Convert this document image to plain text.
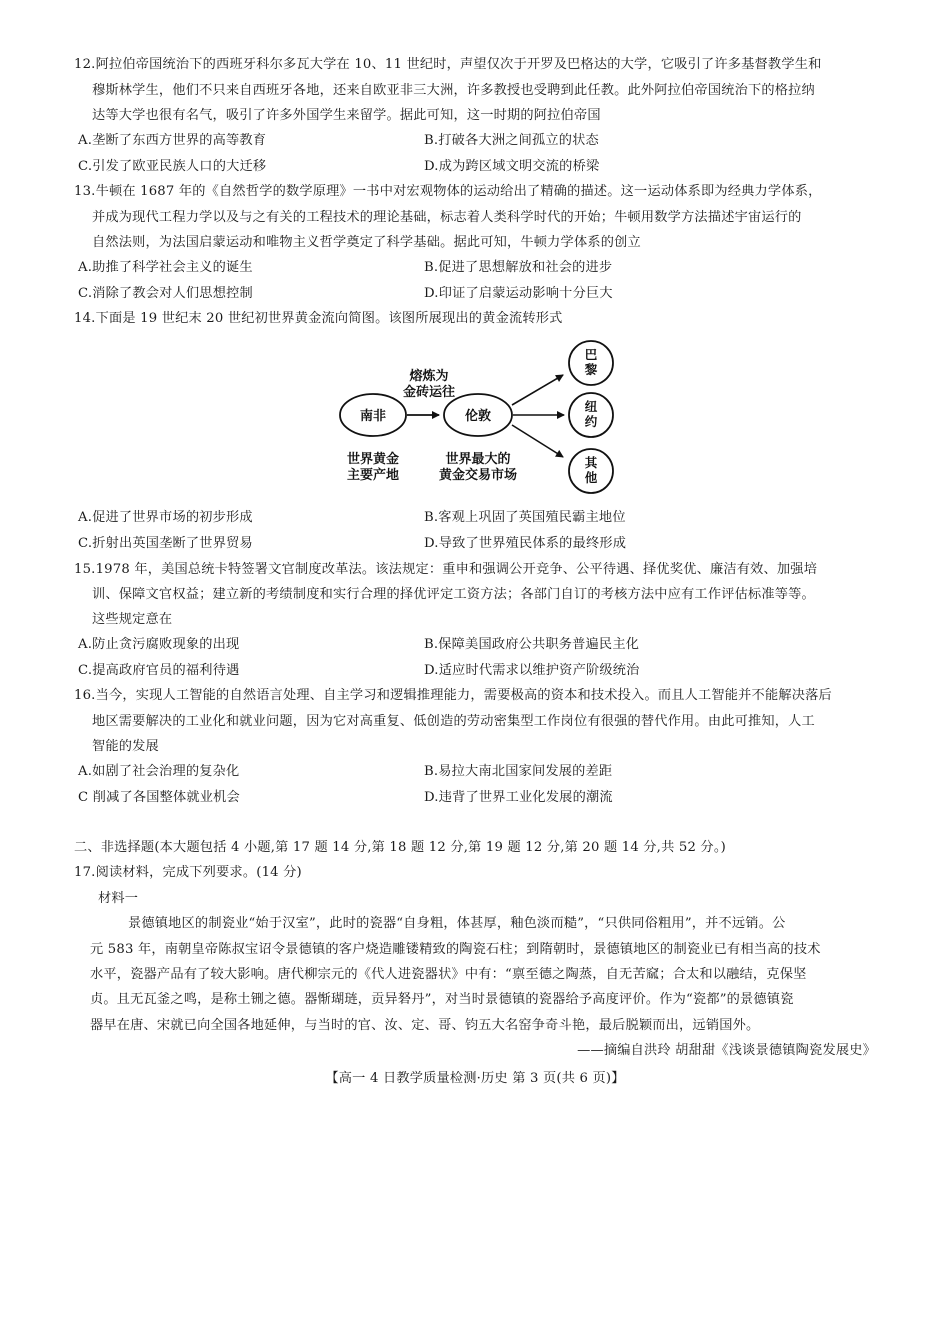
12.阿拉伯帝国统治下的西班牙科尔多瓦大学在 10、11 世纪时，声望仅次于开罗及巴格达的大学，它吸引了许多基督教学生和
穆斯林学生，他们不只来自西班牙各地，还来自欧亚非三大洲，许多教授也受聘到此任教。此外阿拉伯帝国统治下的格拉纳
达等大学也很有名气，吸引了许多外国学生来留学。据此可知，这一时期的阿拉伯帝国
A.垄断了东西方世界的高等教育	B.打破各大洲之间孤立的状态
C.引发了欧亚民族人口的大迁移	D.成为跨区域文明交流的桥梁
13.牛顿在 1687 年的《自然哲学的数学原理》一书中对宏观物体的运动给出了精确的描述。这一运动体系即为经典力学体系，
并成为现代工程力学以及与之有关的工程技术的理论基础，标志着人类科学时代的开始；牛顿用数学方法描述宇宙运行的
自然法则，为法国启蒙运动和唯物主义哲学奠定了科学基础。据此可知，牛顿力学体系的创立
A.助推了科学社会主义的诞生	B.促进了思想解放和社会的进步
C.消除了教会对人们思想控制	D.印证了启蒙运动影响十分巨大
14.下面是 19 世纪末 20 世纪初世界黄金流向简图。该图所展现出的黄金流转形式
南非
熔炼为
金砖运往
伦敦
巴
黎
纽
约
其
他
世界黄金
主要产地
世界最大的
黄金交易市场
A.促进了世界市场的初步形成	B.客观上巩固了英国殖民霸主地位
C.折射出英国垄断了世界贸易	D.导致了世界殖民体系的最终形成
15.1978 年，美国总统卡特签署文官制度改革法。该法规定：重申和强调公开竞争、公平待遇、择优奖优、廉洁有效、加强培
训、保障文官权益；建立新的考绩制度和实行合理的择优评定工资方法；各部门自订的考核方法中应有工作评估标准等等。
这些规定意在
A.防止贪污腐败现象的出现	B.保障美国政府公共职务普遍民主化
C.提高政府官员的福利待遇	D.适应时代需求以维护资产阶级统治
16.当今，实现人工智能的自然语言处理、自主学习和逻辑推理能力，需要极高的资本和技术投入。而且人工智能并不能解决落后
地区需要解决的工业化和就业问题，因为它对高重复、低创造的劳动密集型工作岗位有很强的替代作用。由此可推知，人工
智能的发展
A.如剧了社会治理的复杂化	B.易拉大南北国家间发展的差距
C 削减了各国整体就业机会	D.违背了世界工业化发展的潮流
二、非选择题(本大题包括 4 小题,第 17 题 14 分,第 18 题 12 分,第 19 题 12 分,第 20 题 14 分,共 52 分。)
17.阅读材料，完成下列要求。(14 分)
材料一
景德镇地区的制瓷业“始于汉室”，此时的瓷器“自身粗，体甚厚，釉色淡而糙”，“只供同俗粗用”，并不远销。公
元 583 年，南朝皇帝陈叔宝诏令景德镇的客户烧造雕镂精致的陶瓷石柱；到隋朝时，景德镇地区的制瓷业已有相当高的技术
水平，瓷器产品有了较大影响。唐代柳宗元的《代人进瓷器状》中有：“禀至德之陶蒸，自无苦窳；合太和以融结，克保坚
贞。且无瓦釜之鸣，是称土铏之德。器惭瑚琏，贡异砮丹”，对当时景德镇的瓷器给予高度评价。作为“瓷都”的景德镇瓷
器早在唐、宋就已向全国各地延伸，与当时的官、汝、定、哥、钧五大名窑争奇斗艳，最后脱颖而出，远销国外。
——摘编自洪玲 胡甜甜《浅谈景德镇陶瓷发展史》
【高一 4 日教学质量检测·历史 第 3 页(共 6 页)】
